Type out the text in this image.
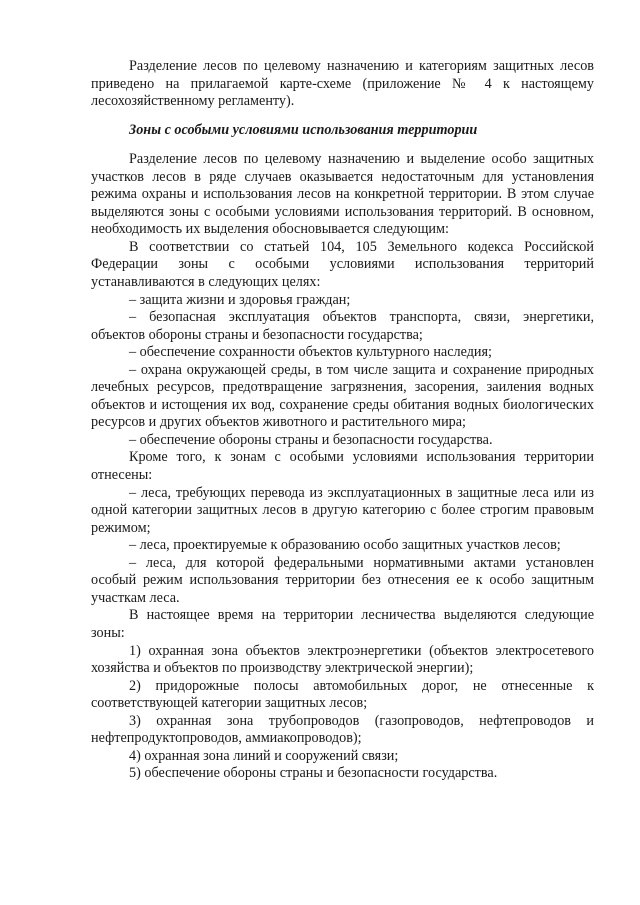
Разделение лесов по целевому назначению и категориям защитных лесов приведено на прилагаемой карте-схеме (приложение № 4 к настоящему лесохозяйственному регламенту).

Зоны с особыми условиями использования территории

Разделение лесов по целевому назначению и выделение особо защитных участков лесов в ряде случаев оказывается недостаточным для установления режима охраны и использования лесов на конкретной территории. В этом случае выделяются зоны с особыми условиями использования территорий. В основном, необходимость их выделения обосновывается следующим:

В соответствии со статьей 104, 105 Земельного кодекса Российской Федерации зоны с особыми условиями использования территорий устанавливаются в следующих целях:

– защита жизни и здоровья граждан;

– безопасная эксплуатация объектов транспорта, связи, энергетики, объектов обороны страны и безопасности государства;

– обеспечение сохранности объектов культурного наследия;

– охрана окружающей среды, в том числе защита и сохранение природных лечебных ресурсов, предотвращение загрязнения, засорения, заиления водных объектов и истощения их вод, сохранение среды обитания водных биологических ресурсов и других объектов животного и растительного мира;

– обеспечение обороны страны и безопасности государства.

Кроме того, к зонам с особыми условиями использования территории отнесены:

– леса, требующих перевода из эксплуатационных в защитные леса или из одной категории защитных лесов в другую категорию с более строгим правовым режимом;

– леса, проектируемые к образованию особо защитных участков лесов;

– леса, для которой федеральными нормативными актами установлен особый режим использования территории без отнесения ее к особо защитным участкам леса.

В настоящее время на территории лесничества выделяются следующие зоны:

1) охранная зона объектов электроэнергетики (объектов электросетевого хозяйства и объектов по производству электрической энергии);

2) придорожные полосы автомобильных дорог, не отнесенные к соответствующей категории защитных лесов;

3) охранная зона трубопроводов (газопроводов, нефтепроводов и нефтепродуктопроводов, аммиакопроводов);

4) охранная зона линий и сооружений связи;

5) обеспечение обороны страны и безопасности государства.
